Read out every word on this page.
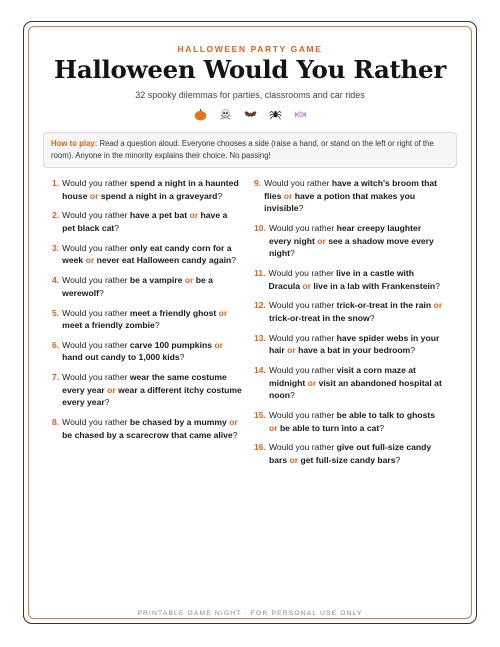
HALLOWEEN PARTY GAME
Halloween Would You Rather
32 spooky dilemmas for parties, classrooms and car rides
How to play: Read a question aloud. Everyone chooses a side (raise a hand, or stand on the left or right of the room). Anyone in the minority explains their choice. No passing!
1. Would you rather spend a night in a haunted house or spend a night in a graveyard?
2. Would you rather have a pet bat or have a pet black cat?
3. Would you rather only eat candy corn for a week or never eat Halloween candy again?
4. Would you rather be a vampire or be a werewolf?
5. Would you rather meet a friendly ghost or meet a friendly zombie?
6. Would you rather carve 100 pumpkins or hand out candy to 1,000 kids?
7. Would you rather wear the same costume every year or wear a different itchy costume every year?
8. Would you rather be chased by a mummy or be chased by a scarecrow that came alive?
9. Would you rather have a witch's broom that flies or have a potion that makes you invisible?
10. Would you rather hear creepy laughter every night or see a shadow move every night?
11. Would you rather live in a castle with Dracula or live in a lab with Frankenstein?
12. Would you rather trick-or-treat in the rain or trick-or-treat in the snow?
13. Would you rather have spider webs in your hair or have a bat in your bedroom?
14. Would you rather visit a corn maze at midnight or visit an abandoned hospital at noon?
15. Would you rather be able to talk to ghosts or be able to turn into a cat?
16. Would you rather give out full-size candy bars or get full-size candy bars?
PRINTABLE GAME NIGHT · FOR PERSONAL USE ONLY
